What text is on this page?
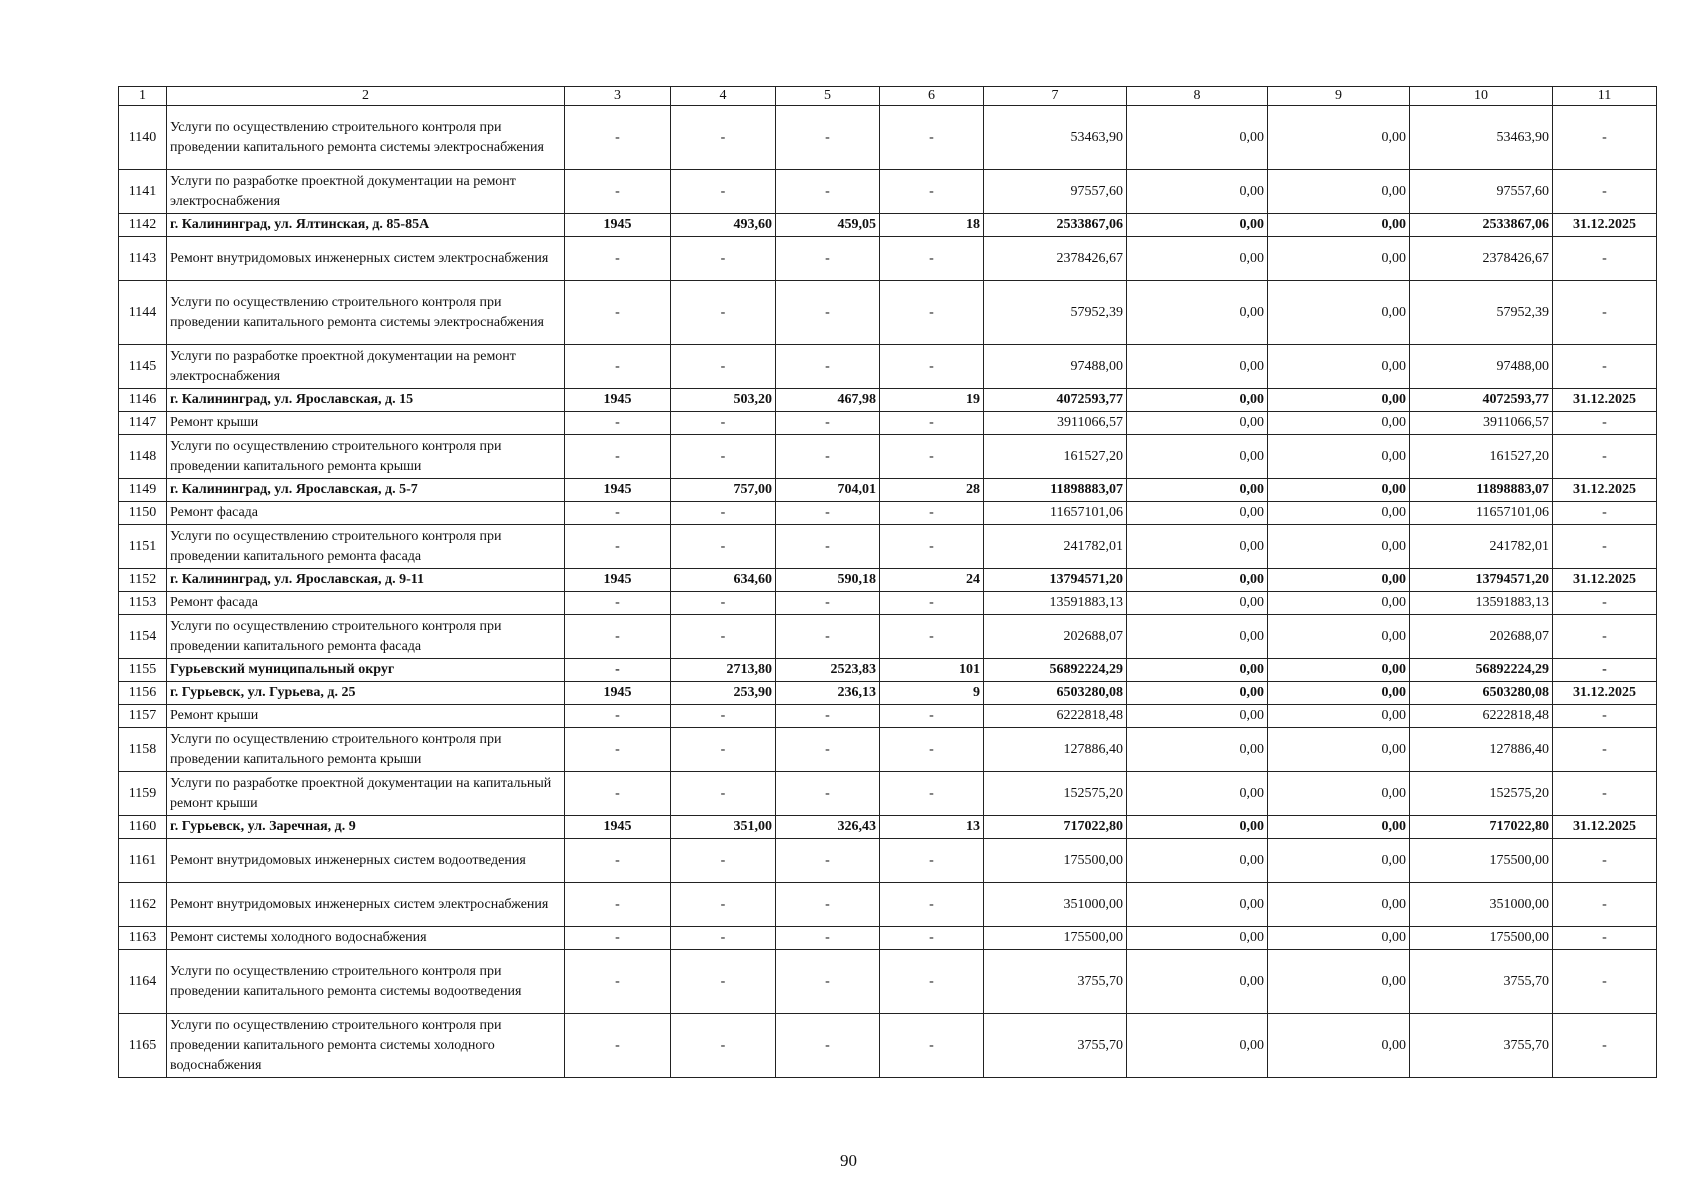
1	2	3	4	5	6	7	8	9	10	11
1140	Услуги по осуществлению строительного контроля при проведении капитального ремонта системы электроснабжения	-	-	-	-	53463,90	0,00	0,00	53463,90	-
1141	Услуги по разработке проектной документации на ремонт электроснабжения	-	-	-	-	97557,60	0,00	0,00	97557,60	-
1142	г. Калининград, ул. Ялтинская, д. 85-85А	1945	493,60	459,05	18	2533867,06	0,00	0,00	2533867,06	31.12.2025
1143	Ремонт внутридомовых инженерных систем электроснабжения	-	-	-	-	2378426,67	0,00	0,00	2378426,67	-
1144	Услуги по осуществлению строительного контроля при проведении капитального ремонта системы электроснабжения	-	-	-	-	57952,39	0,00	0,00	57952,39	-
1145	Услуги по разработке проектной документации на ремонт электроснабжения	-	-	-	-	97488,00	0,00	0,00	97488,00	-
1146	г. Калининград, ул. Ярославская, д. 15	1945	503,20	467,98	19	4072593,77	0,00	0,00	4072593,77	31.12.2025
1147	Ремонт крыши	-	-	-	-	3911066,57	0,00	0,00	3911066,57	-
1148	Услуги по осуществлению строительного контроля при проведении капитального ремонта крыши	-	-	-	-	161527,20	0,00	0,00	161527,20	-
1149	г. Калининград, ул. Ярославская, д. 5-7	1945	757,00	704,01	28	11898883,07	0,00	0,00	11898883,07	31.12.2025
1150	Ремонт фасада	-	-	-	-	11657101,06	0,00	0,00	11657101,06	-
1151	Услуги по осуществлению строительного контроля при проведении капитального ремонта фасада	-	-	-	-	241782,01	0,00	0,00	241782,01	-
1152	г. Калининград, ул. Ярославская, д. 9-11	1945	634,60	590,18	24	13794571,20	0,00	0,00	13794571,20	31.12.2025
1153	Ремонт фасада	-	-	-	-	13591883,13	0,00	0,00	13591883,13	-
1154	Услуги по осуществлению строительного контроля при проведении капитального ремонта фасада	-	-	-	-	202688,07	0,00	0,00	202688,07	-
1155	Гурьевский муниципальный округ	-	2713,80	2523,83	101	56892224,29	0,00	0,00	56892224,29	-
1156	г. Гурьевск, ул. Гурьева, д. 25	1945	253,90	236,13	9	6503280,08	0,00	0,00	6503280,08	31.12.2025
1157	Ремонт крыши	-	-	-	-	6222818,48	0,00	0,00	6222818,48	-
1158	Услуги по осуществлению строительного контроля при проведении капитального ремонта крыши	-	-	-	-	127886,40	0,00	0,00	127886,40	-
1159	Услуги по разработке проектной документации на капитальный ремонт крыши	-	-	-	-	152575,20	0,00	0,00	152575,20	-
1160	г. Гурьевск, ул. Заречная, д. 9	1945	351,00	326,43	13	717022,80	0,00	0,00	717022,80	31.12.2025
1161	Ремонт внутридомовых инженерных систем водоотведения	-	-	-	-	175500,00	0,00	0,00	175500,00	-
1162	Ремонт внутридомовых инженерных систем электроснабжения	-	-	-	-	351000,00	0,00	0,00	351000,00	-
1163	Ремонт системы холодного водоснабжения	-	-	-	-	175500,00	0,00	0,00	175500,00	-
1164	Услуги по осуществлению строительного контроля при проведении капитального ремонта системы водоотведения	-	-	-	-	3755,70	0,00	0,00	3755,70	-
1165	Услуги по осуществлению строительного контроля при проведении капитального ремонта системы холодного водоснабжения	-	-	-	-	3755,70	0,00	0,00	3755,70	-
90
